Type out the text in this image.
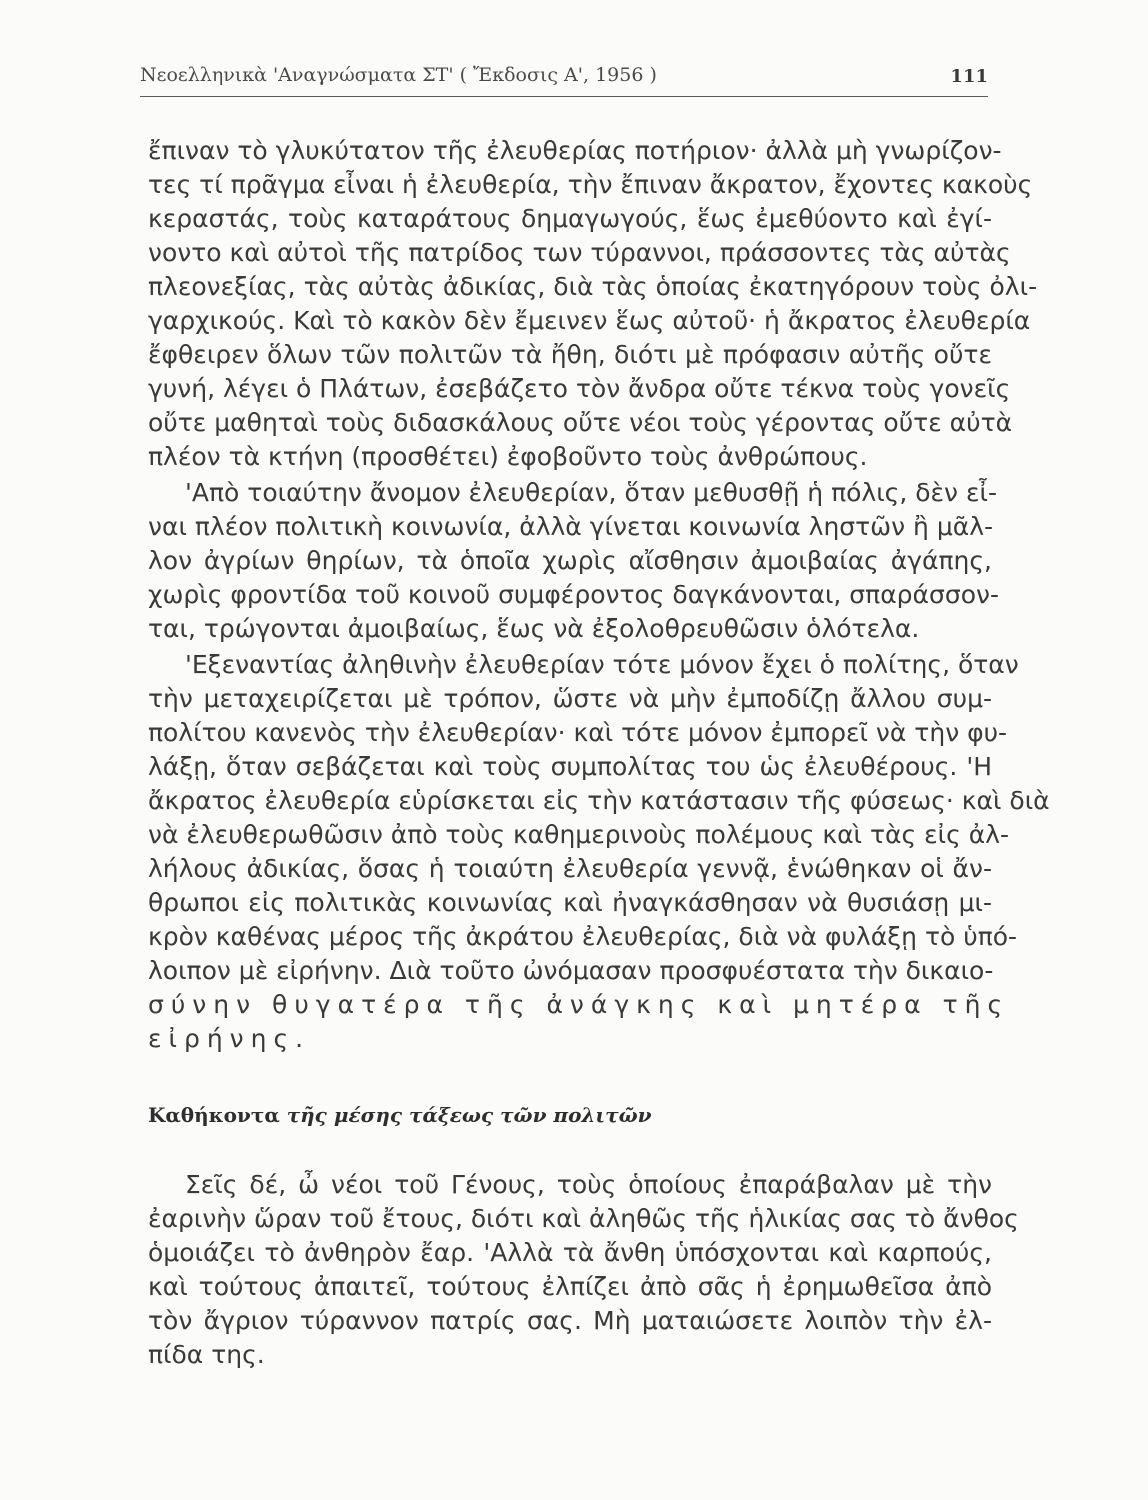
Νεοελληνικὰ 'Αναγνώσματα ΣΤ' ( Ἔκδοσις Α', 1956 )	111
ἔπιναν τὸ γλυκύτατον τῆς ἐλευθερίας ποτήριον· ἀλλὰ μὴ γνωρίζον-
τες τί πρᾶγμα εἶναι ἡ ἐλευθερία, τὴν ἔπιναν ἄκρατον, ἔχοντες κακοὺς
κεραστάς, τοὺς καταράτους δημαγωγούς, ἕως ἐμεθύοντο καὶ ἐγί-
νοντο καὶ αὐτοὶ τῆς πατρίδος των τύραννοι, πράσσοντες τὰς αὐτὰς
πλεονεξίας, τὰς αὐτὰς ἀδικίας, διὰ τὰς ὁποίας ἐκατηγόρουν τοὺς ὀλι-
γαρχικούς. Καὶ τὸ κακὸν δὲν ἔμεινεν ἕως αὐτοῦ· ἡ ἄκρατος ἐλευθερία
ἔφθειρεν ὅλων τῶν πολιτῶν τὰ ἤθη, διότι μὲ πρόφασιν αὐτῆς οὔτε
γυνή, λέγει ὁ Πλάτων, ἐσεβάζετο τὸν ἄνδρα οὔτε τέκνα τοὺς γονεῖς
οὔτε μαθηταὶ τοὺς διδασκάλους οὔτε νέοι τοὺς γέροντας οὔτε αὐτὰ
πλέον τὰ κτήνη (προσθέτει) ἐφοβοῦντο τοὺς ἀνθρώπους.
'Απὸ τοιαύτην ἄνομον ἐλευθερίαν, ὅταν μεθυσθῇ ἡ πόλις, δὲν εἶ-
ναι πλέον πολιτικὴ κοινωνία, ἀλλὰ γίνεται κοινωνία ληστῶν ἢ μᾶλ-
λον ἀγρίων θηρίων, τὰ ὁποῖα χωρὶς αἴσθησιν ἀμοιβαίας ἀγάπης,
χωρὶς φροντίδα τοῦ κοινοῦ συμφέροντος δαγκάνονται, σπαράσσον-
ται, τρώγονται ἀμοιβαίως, ἕως νὰ ἐξολοθρευθῶσιν ὁλότελα.
'Εξεναντίας ἀληθινὴν ἐλευθερίαν τότε μόνον ἔχει ὁ πολίτης, ὅταν
τὴν μεταχειρίζεται μὲ τρόπον, ὥστε νὰ μὴν ἐμποδίζῃ ἄλλου συμ-
πολίτου κανενὸς τὴν ἐλευθερίαν· καὶ τότε μόνον ἐμπορεῖ νὰ τὴν φυ-
λάξῃ, ὅταν σεβάζεται καὶ τοὺς συμπολίτας του ὡς ἐλευθέρους. 'Η
ἄκρατος ἐλευθερία εὑρίσκεται εἰς τὴν κατάστασιν τῆς φύσεως· καὶ διὰ
νὰ ἐλευθερωθῶσιν ἀπὸ τοὺς καθημερινοὺς πολέμους καὶ τὰς εἰς ἀλ-
λήλους ἀδικίας, ὅσας ἡ τοιαύτη ἐλευθερία γεννᾷ, ἑνώθηκαν οἱ ἄν-
θρωποι εἰς πολιτικὰς κοινωνίας καὶ ἠναγκάσθησαν νὰ θυσιάσῃ μι-
κρὸν καθένας μέρος τῆς ἀκράτου ἐλευθερίας, διὰ νὰ φυλάξῃ τὸ ὑπό-
λοιπον μὲ εἰρήνην. Διὰ τοῦτο ὠνόμασαν προσφυέστατα τὴν δικαιο-
σύνην θυγατέρα τῆς ἀνάγκης καὶ μητέρα τῆς
εἰρήνης.
Καθήκοντα τῆς μέσης τάξεως τῶν πολιτῶν
Σεῖς δέ, ὦ νέοι τοῦ Γένους, τοὺς ὁποίους ἐπαράβαλαν μὲ τὴν
ἐαρινὴν ὥραν τοῦ ἔτους, διότι καὶ ἀληθῶς τῆς ἡλικίας σας τὸ ἄνθος
ὁμοιάζει τὸ ἀνθηρὸν ἔαρ. 'Αλλὰ τὰ ἄνθη ὑπόσχονται καὶ καρπούς,
καὶ τούτους ἀπαιτεῖ, τούτους ἐλπίζει ἀπὸ σᾶς ἡ ἐρημωθεῖσα ἀπὸ
τὸν ἄγριον τύραννον πατρίς σας. Μὴ ματαιώσετε λοιπὸν τὴν ἐλ-
πίδα της.
